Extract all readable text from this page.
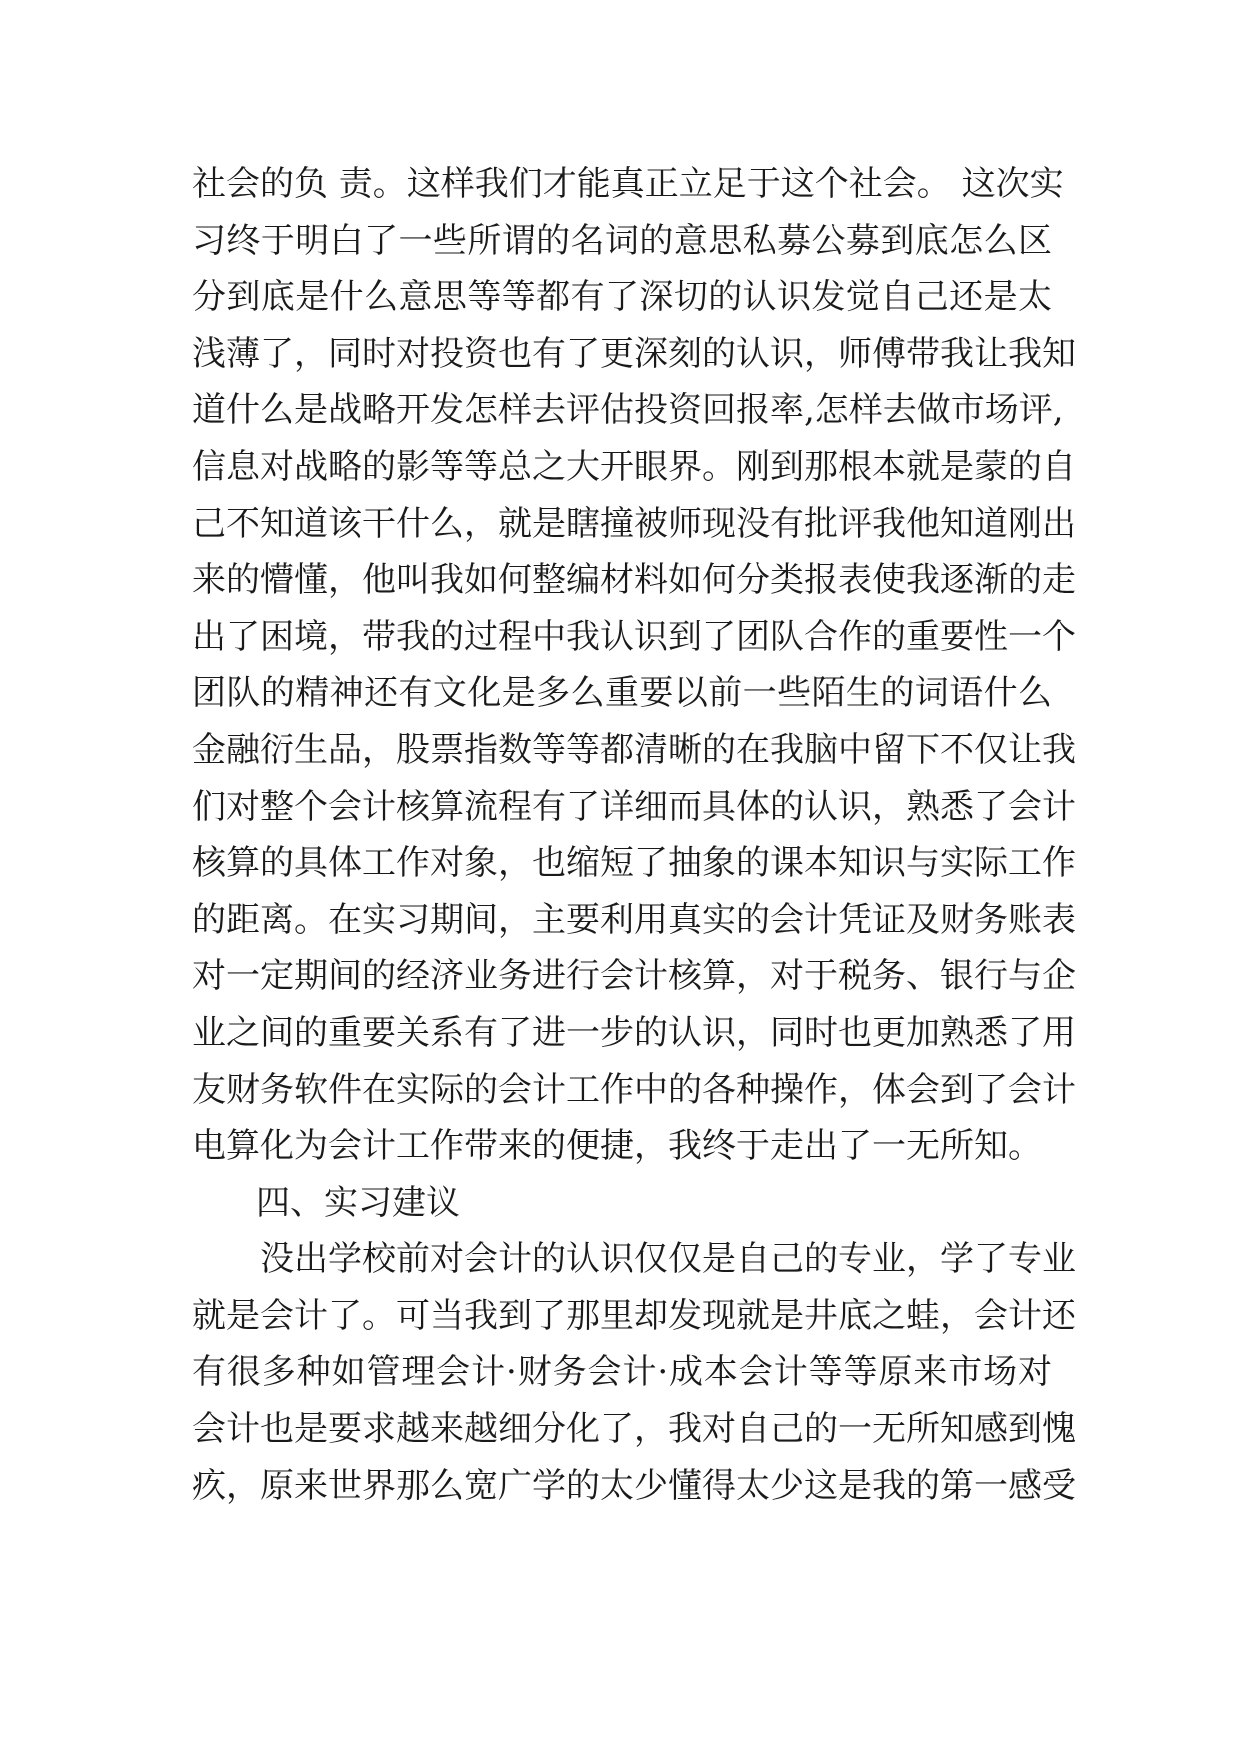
社会的负 责。这样我们才能真正立足于这个社会。 这次实
习终于明白了一些所谓的名词的意思私募公募到底怎么区
分到底是什么意思等等都有了深切的认识发觉自己还是太
浅薄了，同时对投资也有了更深刻的认识，师傅带我让我知
道什么是战略开发怎样去评估投资回报率,怎样去做市场评,
信息对战略的影等等总之大开眼界。刚到那根本就是蒙的自
己不知道该干什么，就是瞎撞被师现没有批评我他知道刚出
来的懵懂，他叫我如何整编材料如何分类报表使我逐渐的走
出了困境，带我的过程中我认识到了团队合作的重要性一个
团队的精神还有文化是多么重要以前一些陌生的词语什么
金融衍生品，股票指数等等都清晰的在我脑中留下不仅让我
们对整个会计核算流程有了详细而具体的认识，熟悉了会计
核算的具体工作对象，也缩短了抽象的课本知识与实际工作
的距离。在实习期间，主要利用真实的会计凭证及财务账表
对一定期间的经济业务进行会计核算，对于税务、银行与企
业之间的重要关系有了进一步的认识，同时也更加熟悉了用
友财务软件在实际的会计工作中的各种操作，体会到了会计
电算化为会计工作带来的便捷，我终于走出了一无所知。
四、实习建议
没出学校前对会计的认识仅仅是自己的专业，学了专业
就是会计了。可当我到了那里却发现就是井底之蛙，会计还
有很多种如管理会计·财务会计·成本会计等等原来市场对
会计也是要求越来越细分化了，我对自己的一无所知感到愧
疚，原来世界那么宽广学的太少懂得太少这是我的第一感受
